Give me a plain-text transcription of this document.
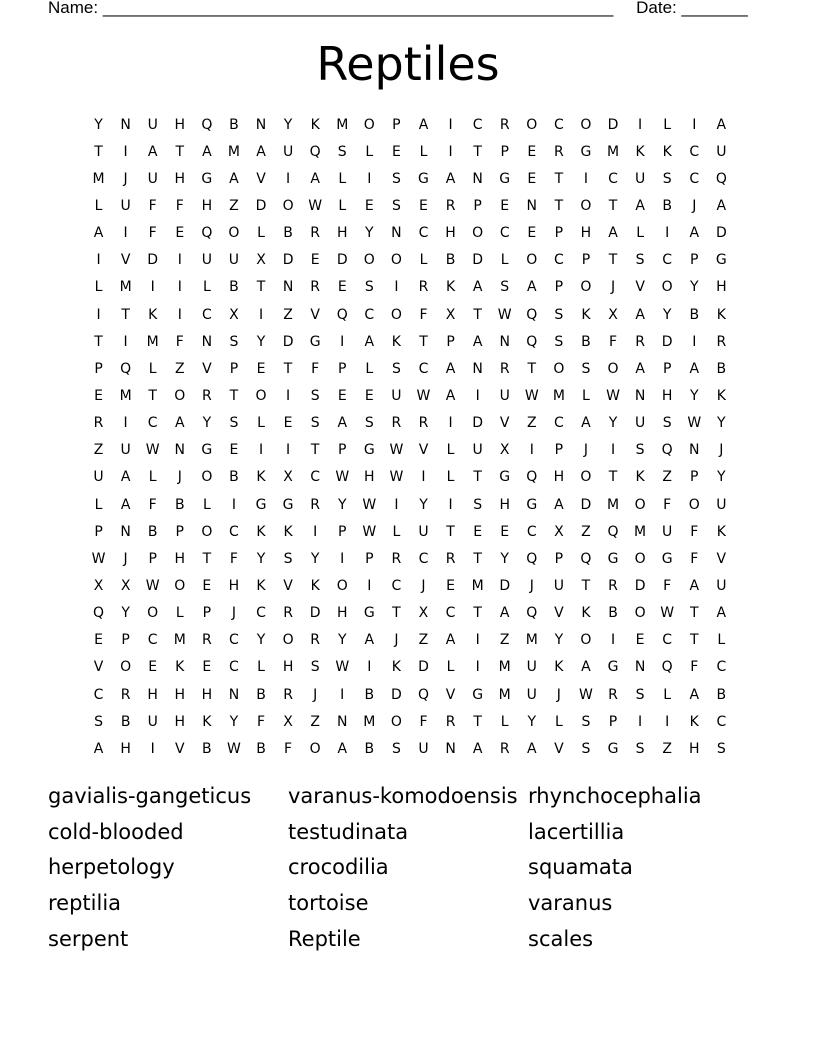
Name: ______________________________________________________ Date: _______
Reptiles
Y	N	U	H	Q	B	N	Y	K	M	O	P	A	I	C	R	O	C	O	D	I	L	I	A
T	I	A	T	A	M	A	U	Q	S	L	E	L	I	T	P	E	R	G	M	K	K	C	U
M	J	U	H	G	A	V	I	A	L	I	S	G	A	N	G	E	T	I	C	U	S	C	Q
L	U	F	F	H	Z	D	O	W	L	E	S	E	R	P	E	N	T	O	T	A	B	J	A
A	I	F	E	Q	O	L	B	R	H	Y	N	C	H	O	C	E	P	H	A	L	I	A	D
I	V	D	I	U	U	X	D	E	D	O	O	L	B	D	L	O	C	P	T	S	C	P	G
L	M	I	I	L	B	T	N	R	E	S	I	R	K	A	S	A	P	O	J	V	O	Y	H
I	T	K	I	C	X	I	Z	V	Q	C	O	F	X	T	W	Q	S	K	X	A	Y	B	K
T	I	M	F	N	S	Y	D	G	I	A	K	T	P	A	N	Q	S	B	F	R	D	I	R
P	Q	L	Z	V	P	E	T	F	P	L	S	C	A	N	R	T	O	S	O	A	P	A	B
E	M	T	O	R	T	O	I	S	E	E	U	W	A	I	U	W	M	L	W	N	H	Y	K
R	I	C	A	Y	S	L	E	S	A	S	R	R	I	D	V	Z	C	A	Y	U	S	W	Y
Z	U	W	N	G	E	I	I	T	P	G	W	V	L	U	X	I	P	J	I	S	Q	N	J
U	A	L	J	O	B	K	X	C	W	H	W	I	L	T	G	Q	H	O	T	K	Z	P	Y
L	A	F	B	L	I	G	G	R	Y	W	I	Y	I	S	H	G	A	D	M	O	F	O	U
P	N	B	P	O	C	K	K	I	P	W	L	U	T	E	E	C	X	Z	Q	M	U	F	K
W	J	P	H	T	F	Y	S	Y	I	P	R	C	R	T	Y	Q	P	Q	G	O	G	F	V
X	X	W	O	E	H	K	V	K	O	I	C	J	E	M	D	J	U	T	R	D	F	A	U
Q	Y	O	L	P	J	C	R	D	H	G	T	X	C	T	A	Q	V	K	B	O	W	T	A
E	P	C	M	R	C	Y	O	R	Y	A	J	Z	A	I	Z	M	Y	O	I	E	C	T	L
V	O	E	K	E	C	L	H	S	W	I	K	D	L	I	M	U	K	A	G	N	Q	F	C
C	R	H	H	H	N	B	R	J	I	B	D	Q	V	G	M	U	J	W	R	S	L	A	B
S	B	U	H	K	Y	F	X	Z	N	M	O	F	R	T	L	Y	L	S	P	I	I	K	C
A	H	I	V	B	W	B	F	O	A	B	S	U	N	A	R	A	V	S	G	S	Z	H	S
gavialis-gangeticus	varanus-komodoensis rhynchocephalia
cold-blooded	testudinata	lacertillia
herpetology	crocodilia	squamata
reptilia	tortoise	varanus
serpent	Reptile	scales
